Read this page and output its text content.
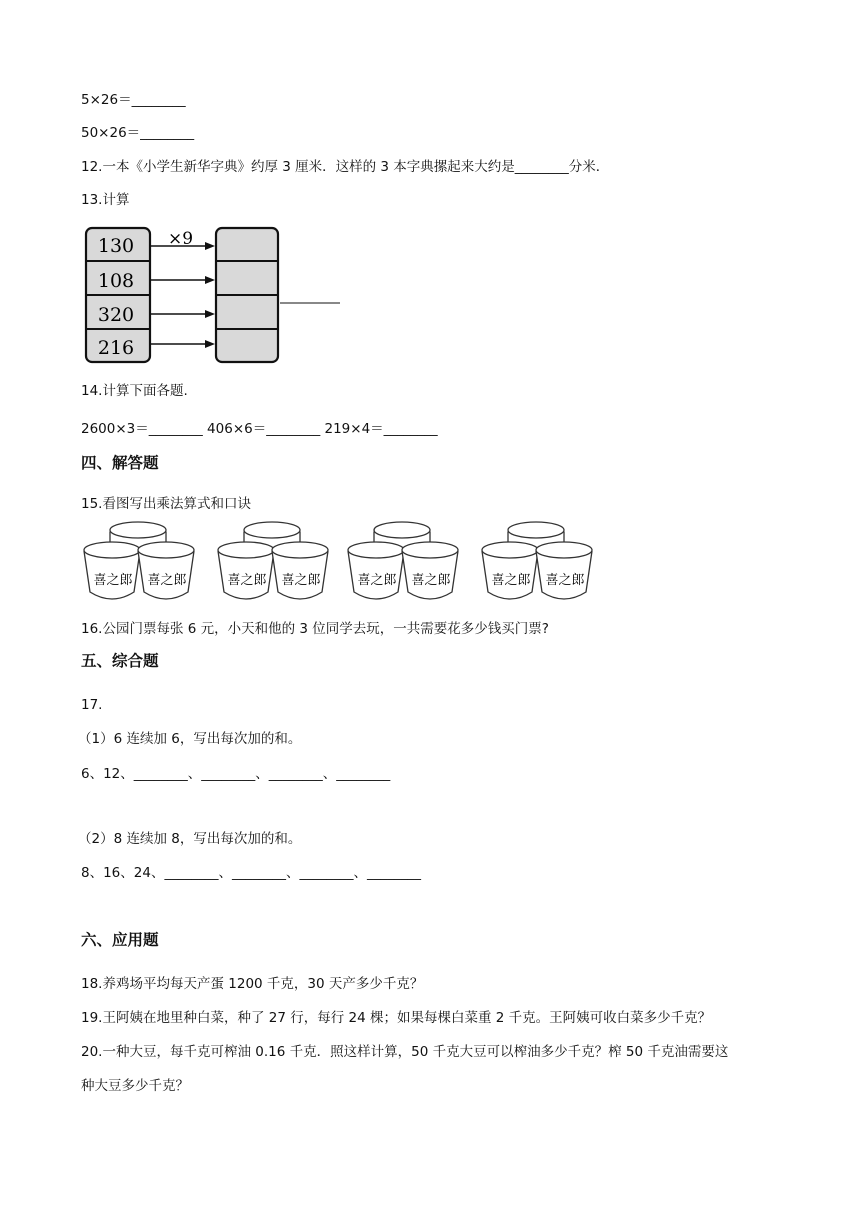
5×26＝________
50×26＝________
12.一本《小学生新华字典》约厚 3 厘米．这样的 3 本字典摞起来大约是________分米．
13.计算
130
108
320
216
×9
14.计算下面各题.
2600×3＝________ 406×6＝________ 219×4＝________
四、解答题
15.看图写出乘法算式和口诀
喜之郎 喜之郎	喜之郎 喜之郎	喜之郎 喜之郎	喜之郎 喜之郎
16.公园门票每张 6 元，小天和他的 3 位同学去玩，一共需要花多少钱买门票?
五、综合题
17.
（1）6 连续加 6，写出每次加的和。
6、12、________、________、________、________
（2）8 连续加 8，写出每次加的和。
8、16、24、________、________、________、________
六、应用题
18.养鸡场平均每天产蛋 1200 千克，30 天产多少千克？
19.王阿姨在地里种白菜，种了 27 行，每行 24 棵；如果每棵白菜重 2 千克。王阿姨可收白菜多少千克？
20.一种大豆，每千克可榨油 0.16 千克．照这样计算，50 千克大豆可以榨油多少千克？榨 50 千克油需要这
种大豆多少千克？
